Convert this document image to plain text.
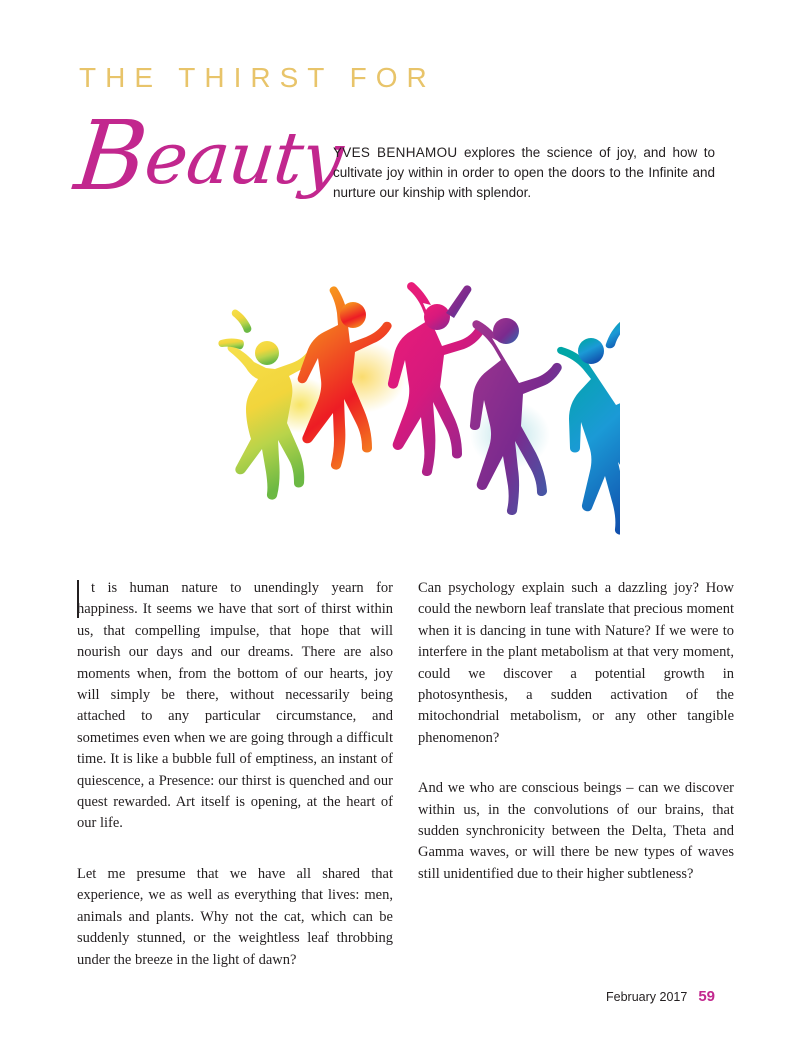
THE THIRST FOR
Beauty
YVES BENHAMOU explores the science of joy, and how to cultivate joy within in order to open the doors to the Infinite and nurture our kinship with splendor.

t is human nature to unendingly yearn for happiness. It seems we have that sort of thirst within us, that compelling impulse, that hope that will nourish our days and our dreams. There are also moments when, from the bottom of our hearts, joy will simply be there, without necessarily being attached to any particular circumstance, and sometimes even when we are going through a difficult time. It is like a bubble full of emptiness, an instant of quiescence, a Presence: our thirst is quenched and our quest rewarded. Art itself is opening, at the heart of our life.

Let me presume that we have all shared that experience, we as well as everything that lives: men, animals and plants. Why not the cat, which can be suddenly stunned, or the weightless leaf throbbing under the breeze in the light of dawn?

Can psychology explain such a dazzling joy? How could the newborn leaf translate that precious moment when it is dancing in tune with Nature? If we were to interfere in the plant metabolism at that very moment, could we discover a potential growth in photosynthesis, a sudden activation of the mitochondrial metabolism, or any other tangible phenomenon?

And we who are conscious beings – can we discover within us, in the convolutions of our brains, that sudden synchronicity between the Delta, Theta and Gamma waves, or will there be new types of waves still unidentified due to their higher subtleness?

February 2017 59
